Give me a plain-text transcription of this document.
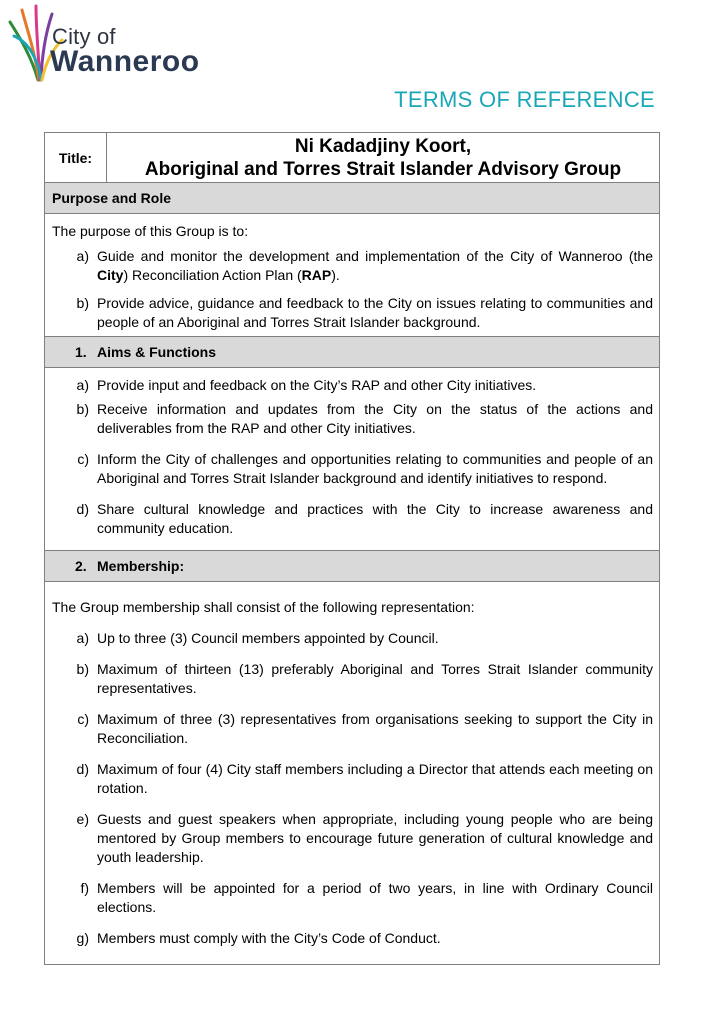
City of
Wanneroo
TERMS OF REFERENCE
Title:
Ni Kadadjiny Koort,
Aboriginal and Torres Strait Islander Advisory Group
Purpose and Role

The purpose of this Group is to:

a) Guide and monitor the development and implementation of the City of Wanneroo (the City) Reconciliation Action Plan (RAP).
b) Provide advice, guidance and feedback to the City on issues relating to communities and people of an Aboriginal and Torres Strait Islander background.
1. Aims & Functions
a) Provide input and feedback on the City’s RAP and other City initiatives.
b) Receive information and updates from the City on the status of the actions and deliverables from the RAP and other City initiatives.
c) Inform the City of challenges and opportunities relating to communities and people of an Aboriginal and Torres Strait Islander background and identify initiatives to respond.
d) Share cultural knowledge and practices with the City to increase awareness and community education.
2. Membership:

The Group membership shall consist of the following representation:

a) Up to three (3) Council members appointed by Council.
b) Maximum of thirteen (13) preferably Aboriginal and Torres Strait Islander community representatives.
c) Maximum of three (3) representatives from organisations seeking to support the City in Reconciliation.
d) Maximum of four (4) City staff members including a Director that attends each meeting on rotation.
e) Guests and guest speakers when appropriate, including young people who are being mentored by Group members to encourage future generation of cultural knowledge and youth leadership.
f) Members will be appointed for a period of two years, in line with Ordinary Council elections.
g) Members must comply with the City’s Code of Conduct.
